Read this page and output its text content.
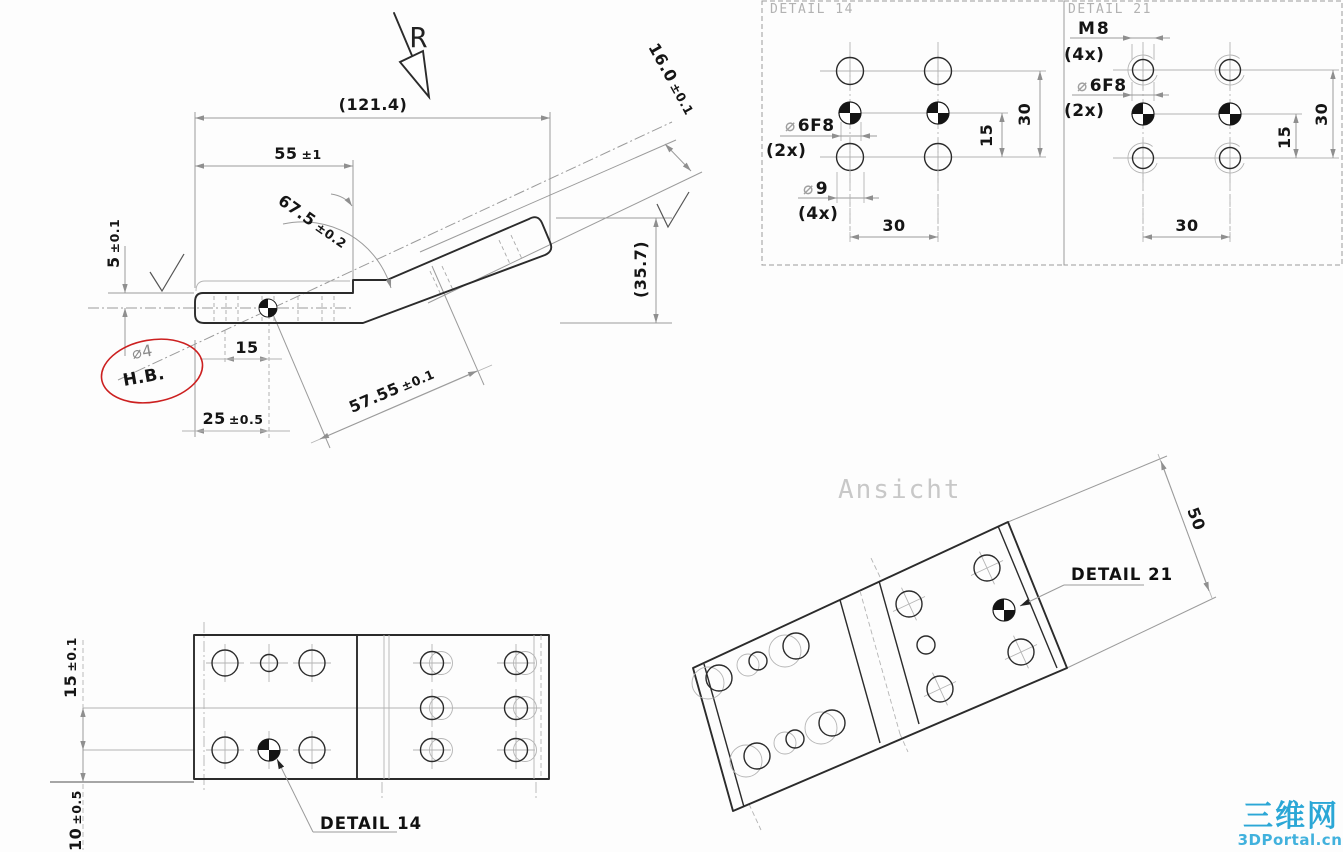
R
(121.4)
55 ±1
67.5±0.2
5±0.1
15
25 ±0.5
57.55±0.1
16.0±0.1
(35.7)
⌀4
H.B.
DETAIL 14
⌀ 6F8
(2x)
⌀ 9
(4x)
30
15
30
DETAIL 21
M8
(4x)
⌀ 6F8
(2x)
30
15
30
15±0.1
10±0.5	DETAIL 14
Ansicht
50
DETAIL 21
三维网
3DPortal.cn
